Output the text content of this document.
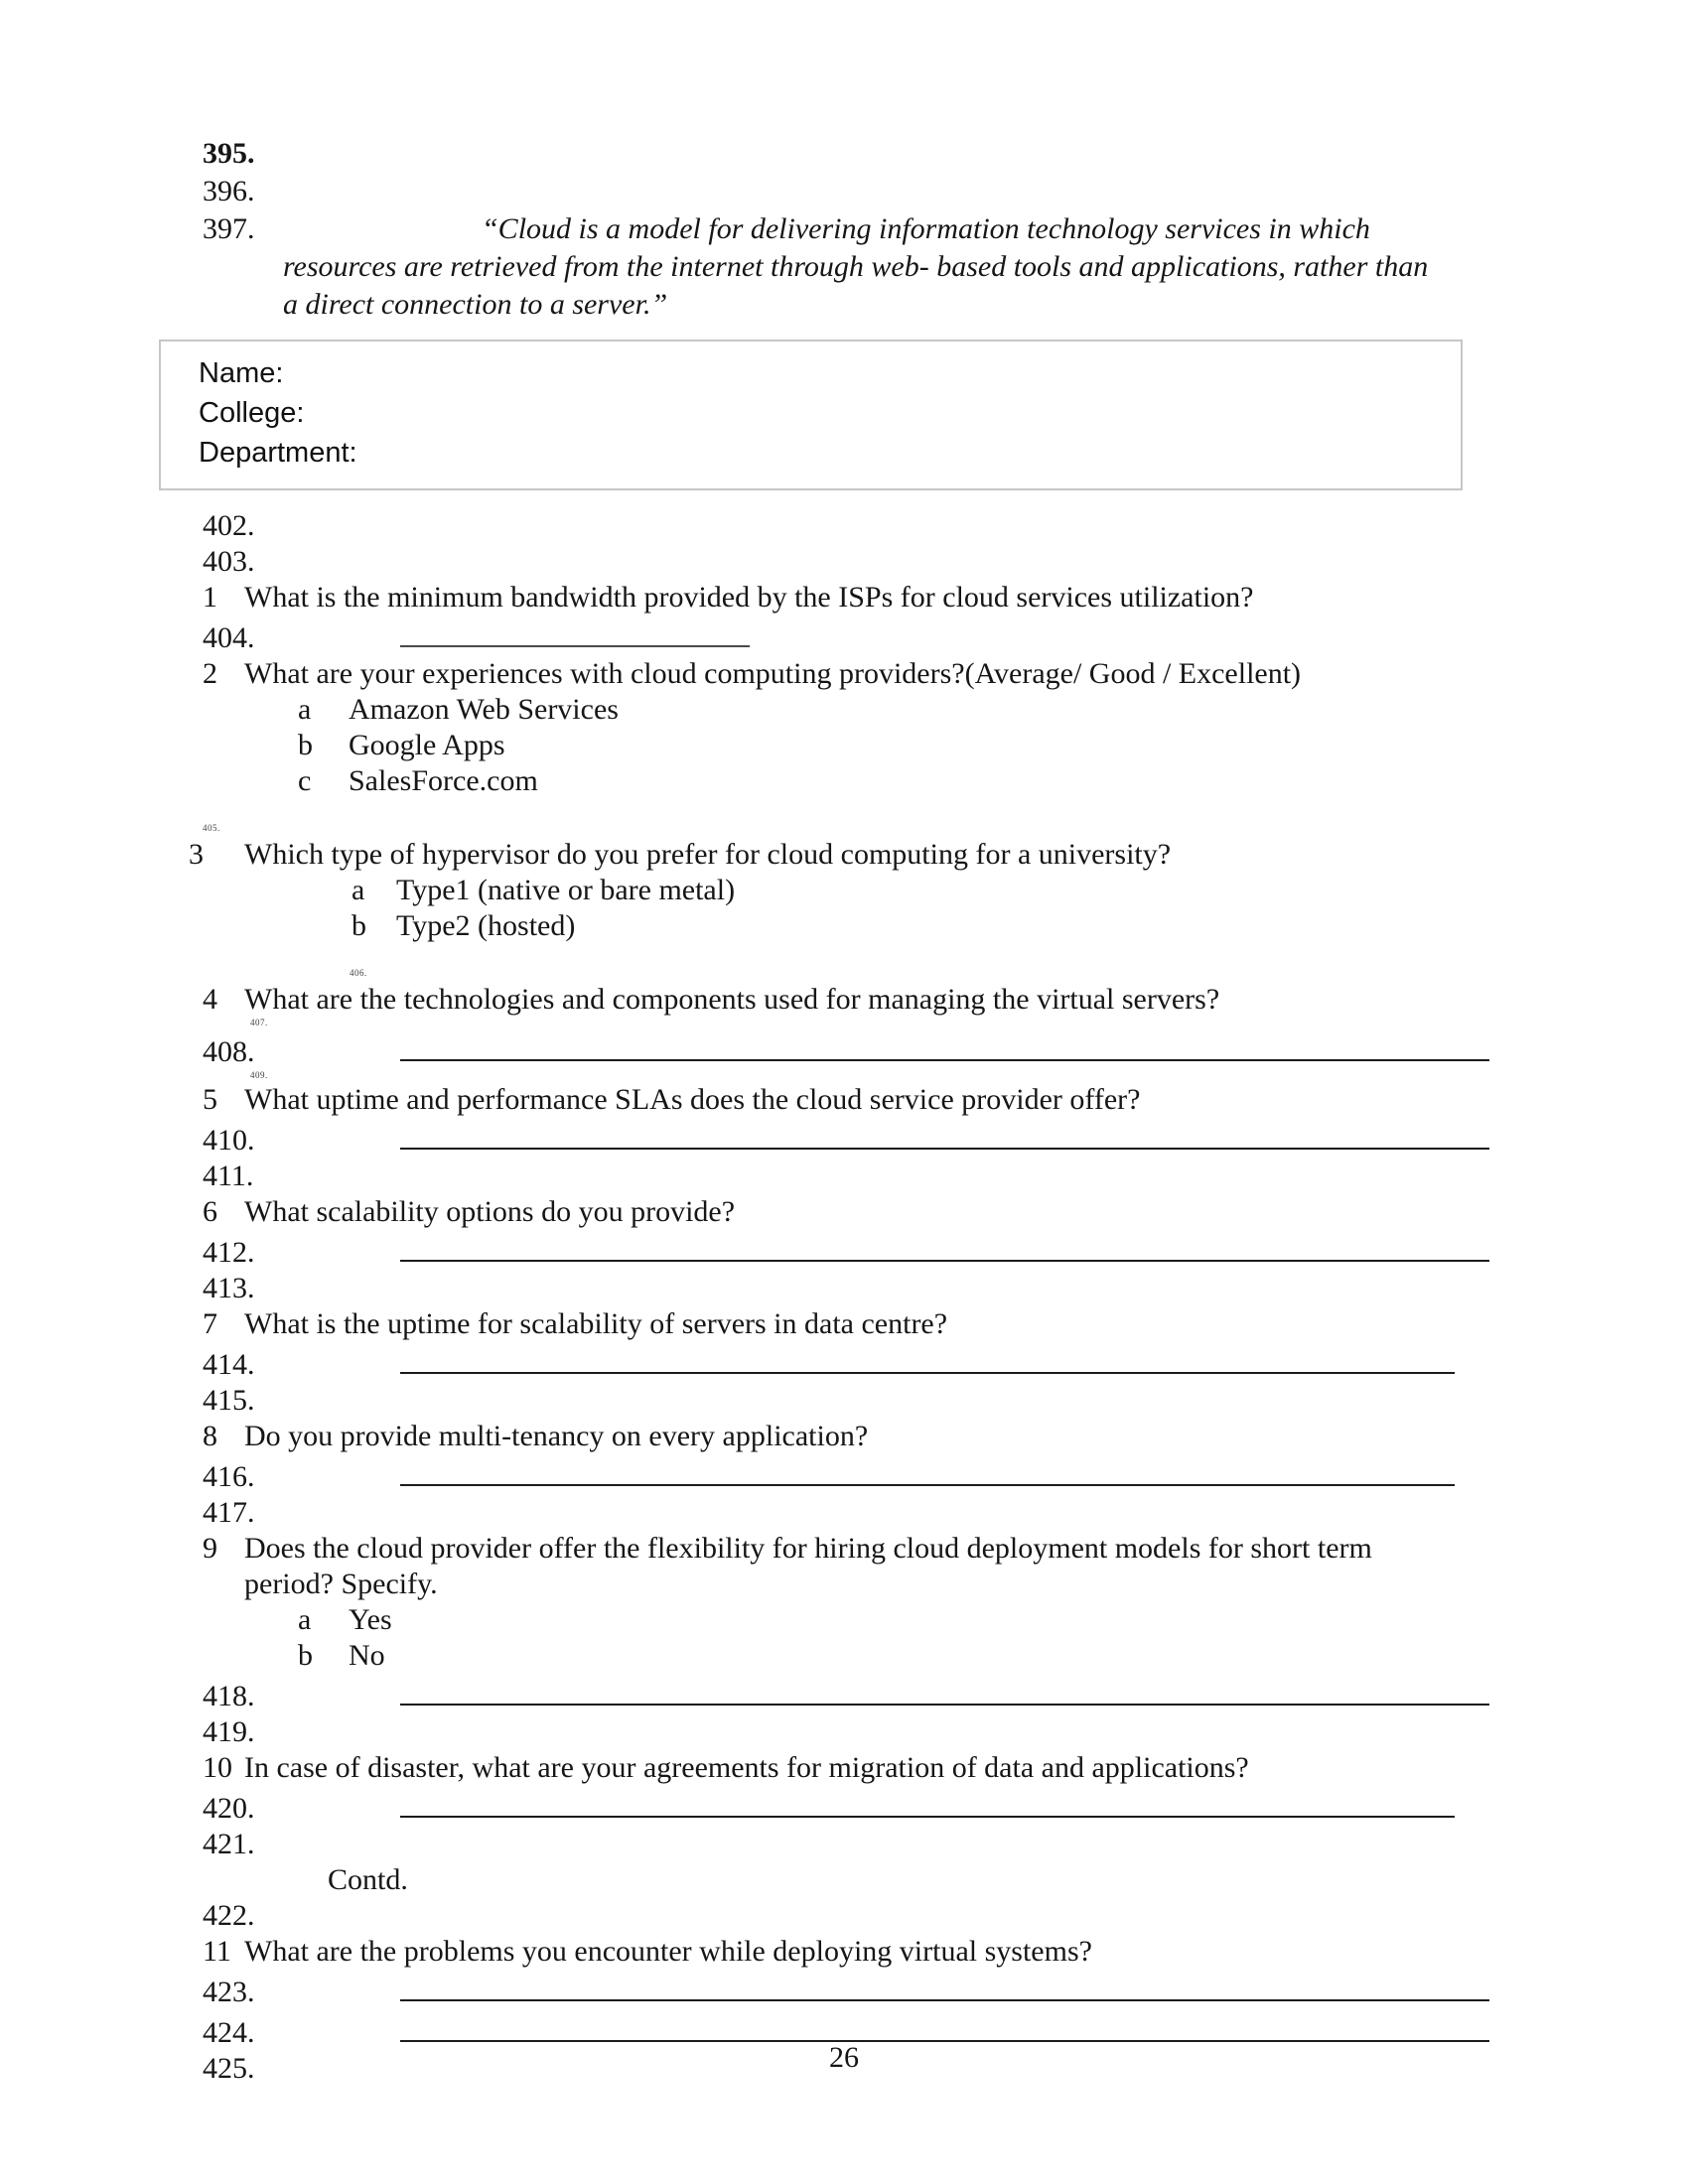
395.
396.
397.	“Cloud is a model for delivering information technology services in which
resources are retrieved from the internet through web- based tools and applications, rather than
a direct connection to a server.”
Name:
College:
Department:
402.
403.
1 What is the minimum bandwidth provided by the ISPs for cloud services utilization?
404.
2 What are your experiences with cloud computing providers?(Average/ Good / Excellent)
a Amazon Web Services
b Google Apps
c SalesForce.com
405.
3 Which type of hypervisor do you prefer for cloud computing for a university?
a Type1 (native or bare metal)
b Type2 (hosted)
406.
4 What are the technologies and components used for managing the virtual servers?
407.
408.
409.
5 What uptime and performance SLAs does the cloud service provider offer?
410.
411.
6 What scalability options do you provide?
412.
413.
7 What is the uptime for scalability of servers in data centre?
414.
415.
8 Do you provide multi-tenancy on every application?
416.
417.
9 Does the cloud provider offer the flexibility for hiring cloud deployment models for short term
period? Specify.
a Yes
b No
418.
419.
10 In case of disaster, what are your agreements for migration of data and applications?
420.
421.
Contd.
422.
11 What are the problems you encounter while deploying virtual systems?
423.
424.
425.	26
